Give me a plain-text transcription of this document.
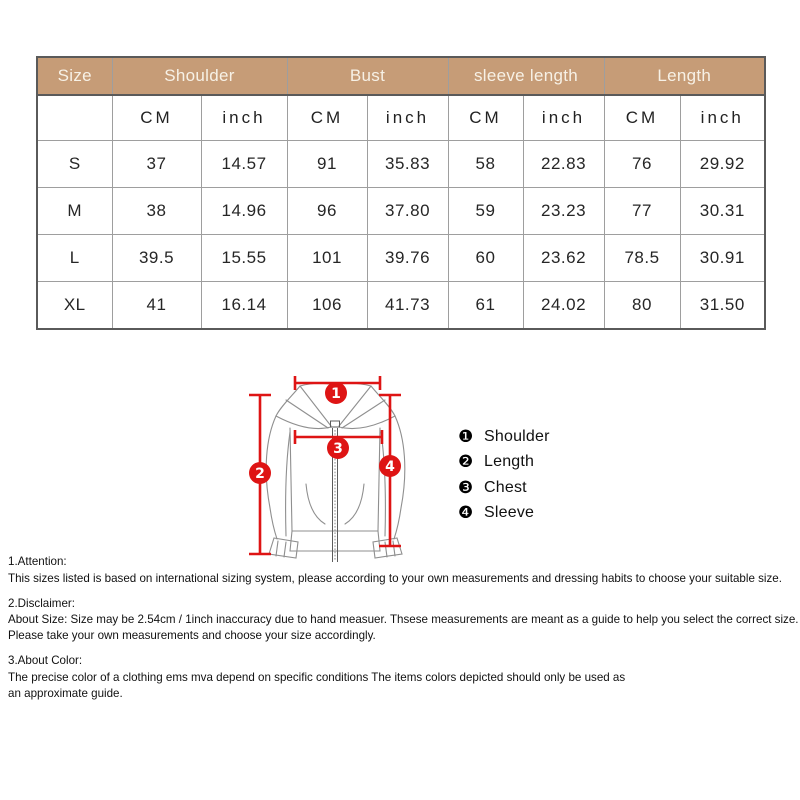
Size	Shoulder		Bust		sleeve length		Length	
	CM	inch	CM	inch	CM	inch	CM	inch
S	37	14.57	91	35.83	58	22.83	76	29.92
M	38	14.96	96	37.80	59	23.23	77	30.31
L	39.5	15.55	101	39.76	60	23.62	78.5	30.91
XL	41	16.14	106	41.73	61	24.02	80	31.50
1
2
3
4
❶ Shoulder
❷ Length
❸ Chest
❹ Sleeve
1.Attention:
This sizes listed is based on international sizing system, please according to your own measurements and dressing habits to choose your suitable size.
2.Disclaimer:
About Size: Size may be 2.54cm / 1inch inaccuracy due to hand measuer. Thsese measurements are meant as a guide to help you select the correct size.
Please take your own measurements and choose your size accordingly.
3.About Color:
The precise color of a clothing ems mva depend on specific conditions The items colors depicted should only be used as
an approximate guide.
